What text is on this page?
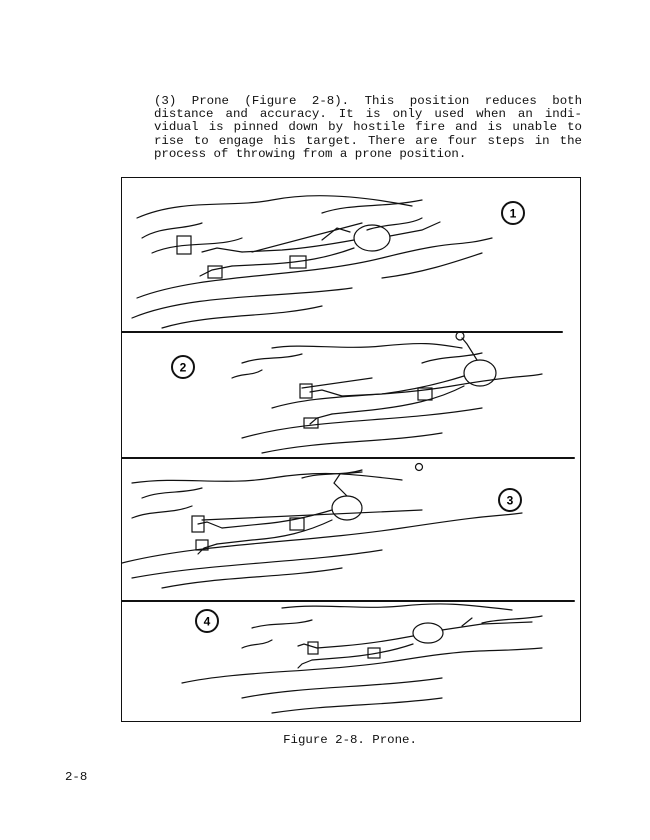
(3) Prone (Figure 2-8). This position reduces both
distance and accuracy. It is only used when an indi-
vidual is pinned down by hostile fire and is unable to
rise to engage his target. There are four steps in the
process of throwing from a prone position.
1
2
3
4
Figure 2-8. Prone.
2-8
